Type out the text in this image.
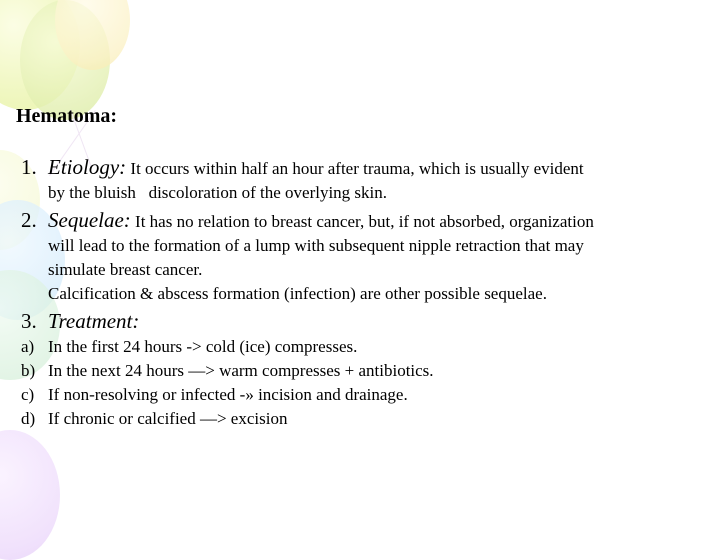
Hematoma:
1. Etiology: It occurs within half an hour after trauma, which is usually evident
by the bluish   discoloration of the overlying skin.
2. Sequelae: It has no relation to breast cancer, but, if not absorbed, organization
will lead to the formation of a lump with subsequent nipple retraction that may
simulate breast cancer.
Calcification & abscess formation (infection) are other possible sequelae.
3. Treatment:
a) In the first 24 hours -> cold (ice) compresses.
b) In the next 24 hours —> warm compresses + antibiotics.
c) If non-resolving or infected -» incision and drainage.
d) If chronic or calcified —> excision
